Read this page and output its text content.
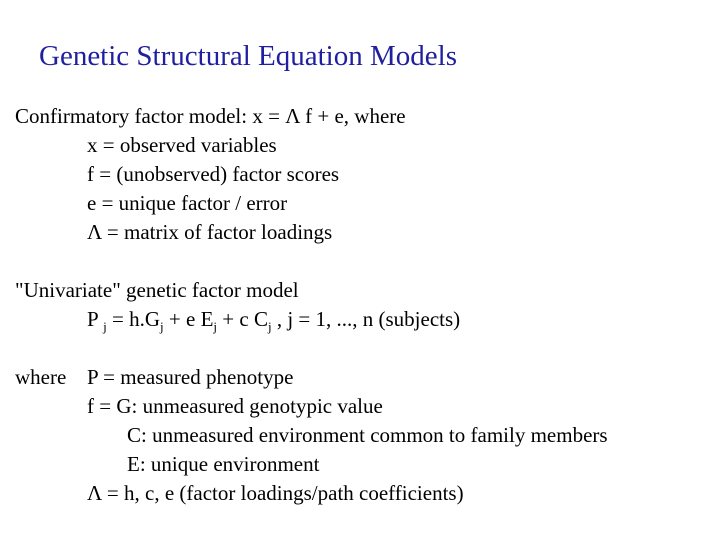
Genetic Structural Equation Models
Confirmatory factor model: x = Λ f + e, where
x = observed variables
f = (unobserved) factor scores
e = unique factor / error
Λ = matrix of factor loadings
"Univariate" genetic factor model
P $_j = h.G_j + e$ $E_j + c$ $C_j$ , j = 1, ..., n (subjects)
where P = measured phenotype
f = G: unmeasured genotypic value
C: unmeasured environment common to family members
E: unique environment
Λ = h, c, e (factor loadings/path coefficients)
